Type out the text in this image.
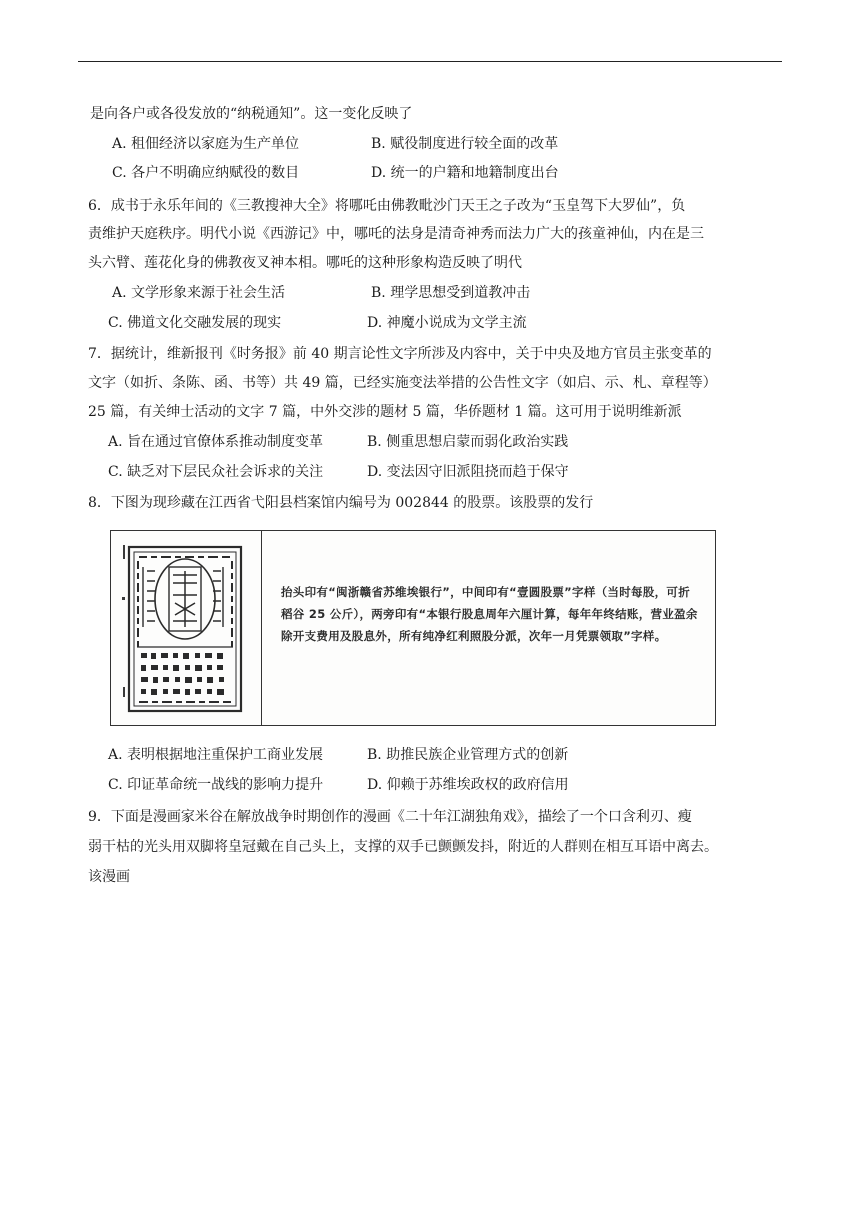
是向各户或各役发放的“纳税通知”。这一变化反映了
A. 租佃经济以家庭为生产单位	B. 赋役制度进行较全面的改革
C. 各户不明确应纳赋役的数目	D. 统一的户籍和地籍制度出台
6．成书于永乐年间的《三教搜神大全》将哪吒由佛教毗沙门天王之子改为“玉皇驾下大罗仙”，负
责维护天庭秩序。明代小说《西游记》中，哪吒的法身是清奇神秀而法力广大的孩童神仙，内在是三
头六臂、莲花化身的佛教夜叉神本相。哪吒的这种形象构造反映了明代
A. 文学形象来源于社会生活	B. 理学思想受到道教冲击
C. 佛道文化交融发展的现实	D. 神魔小说成为文学主流
7．据统计，维新报刊《时务报》前 40 期言论性文字所涉及内容中，关于中央及地方官员主张变革的
文字（如折、条陈、函、书等）共 49 篇，已经实施变法举措的公告性文字（如启、示、札、章程等）
25 篇，有关绅士活动的文字 7 篇，中外交涉的题材 5 篇，华侨题材 1 篇。这可用于说明维新派
A. 旨在通过官僚体系推动制度变革	B. 侧重思想启蒙而弱化政治实践
C. 缺乏对下层民众社会诉求的关注	D. 变法因守旧派阻挠而趋于保守
8．下图为现珍藏在江西省弋阳县档案馆内编号为 002844 的股票。该股票的发行
抬头印有“闽浙赣省苏维埃银行”，中间印有“壹圆股票”字样（当时每股，可折稻谷 25 公斤），两旁印有“本银行股息周年六厘计算，每年年终结账，营业盈余除开支费用及股息外，所有纯净红利照股分派，次年一月凭票领取”字样。
A. 表明根据地注重保护工商业发展	B. 助推民族企业管理方式的创新
C. 印证革命统一战线的影响力提升	D. 仰赖于苏维埃政权的政府信用
9．下面是漫画家米谷在解放战争时期创作的漫画《二十年江湖独角戏》，描绘了一个口含利刃、瘦
弱干枯的光头用双脚将皇冠戴在自己头上，支撑的双手已颤颤发抖，附近的人群则在相互耳语中离去。
该漫画
